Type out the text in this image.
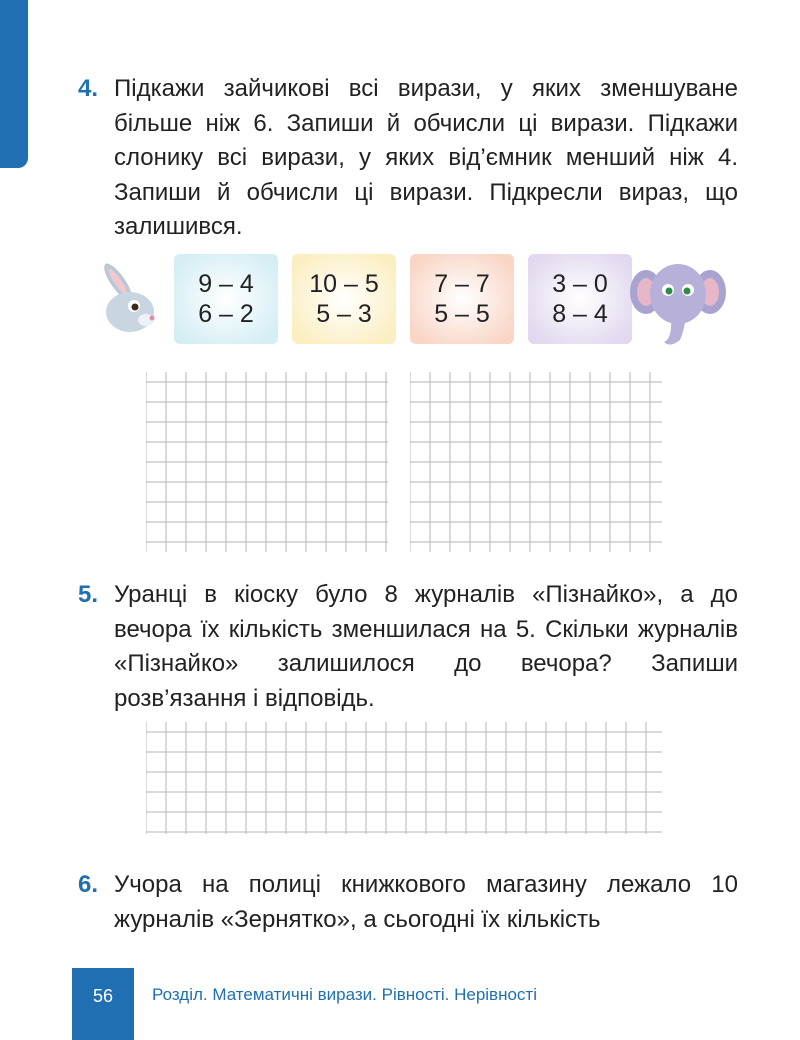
4. Підкажи зайчикові всі вирази, у яких зменшуване більше ніж 6. Запиши й обчисли ці вирази. Підкажи слонику всі вирази, у яких від’ємник менший ніж 4. Запиши й обчисли ці вирази. Підкресли вираз, що залишився.
9 – 4
6 – 2
10 – 5
5 – 3
7 – 7
5 – 5
3 – 0
8 – 4
5. Уранці в кіоску було 8 журналів «Пізнайко», а до вечора їх кількість зменшилася на 5. Скільки журналів «Пізнайко» залишилося до вечора? Запиши розв’язання і відповідь.
6. Учора на полиці книжкового магазину лежало 10 журналів «Зернятко», а сьогодні їх кількість
56	Розділ. Математичні вирази. Рівності. Нерівності
